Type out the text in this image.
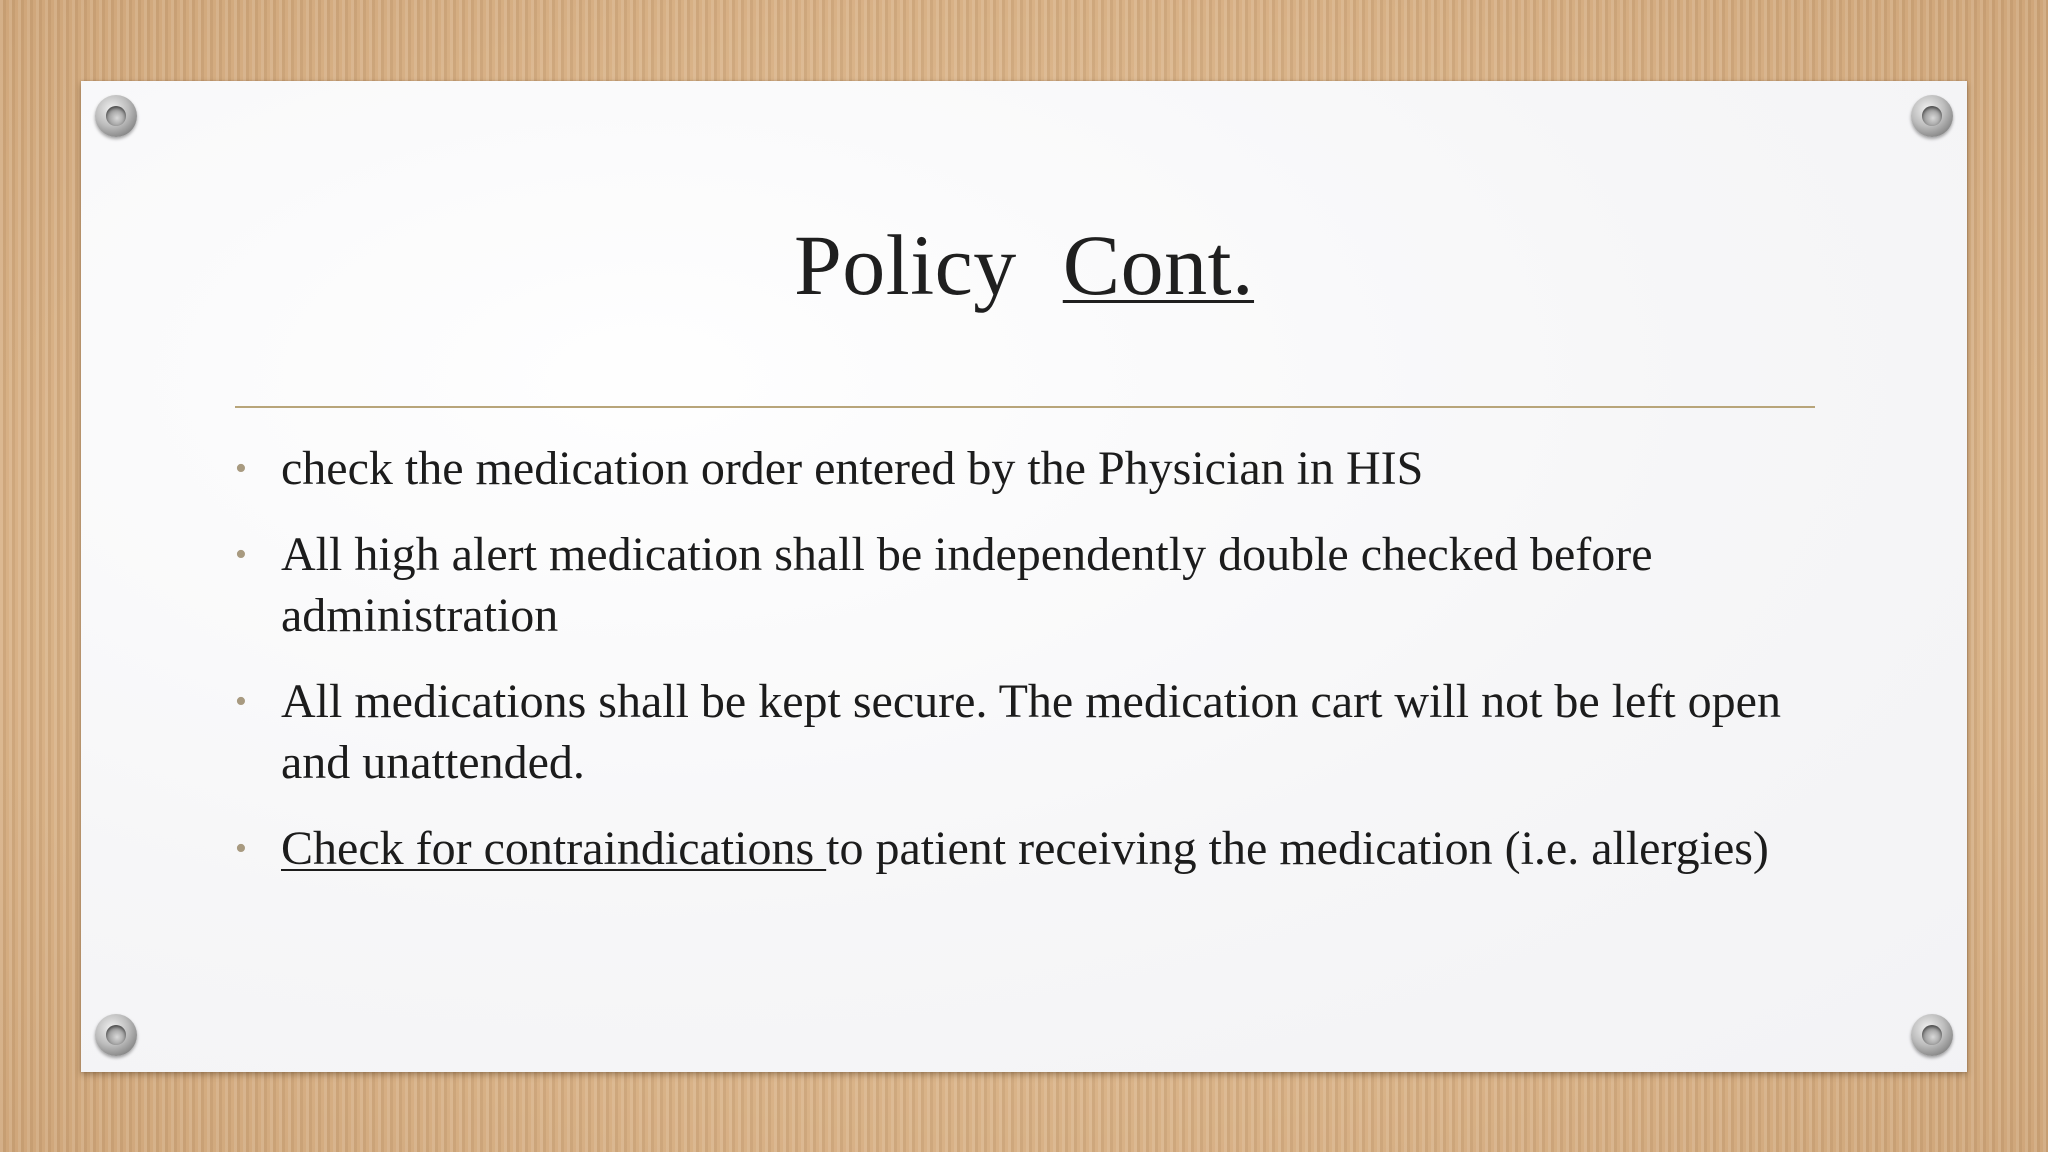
Policy Cont.
• check the medication order entered by the Physician in HIS
• All high alert medication shall be independently double checked before administration
• All medications shall be kept secure. The medication cart will not be left open and unattended.
• Check for contraindications to patient receiving the medication (i.e. allergies)
